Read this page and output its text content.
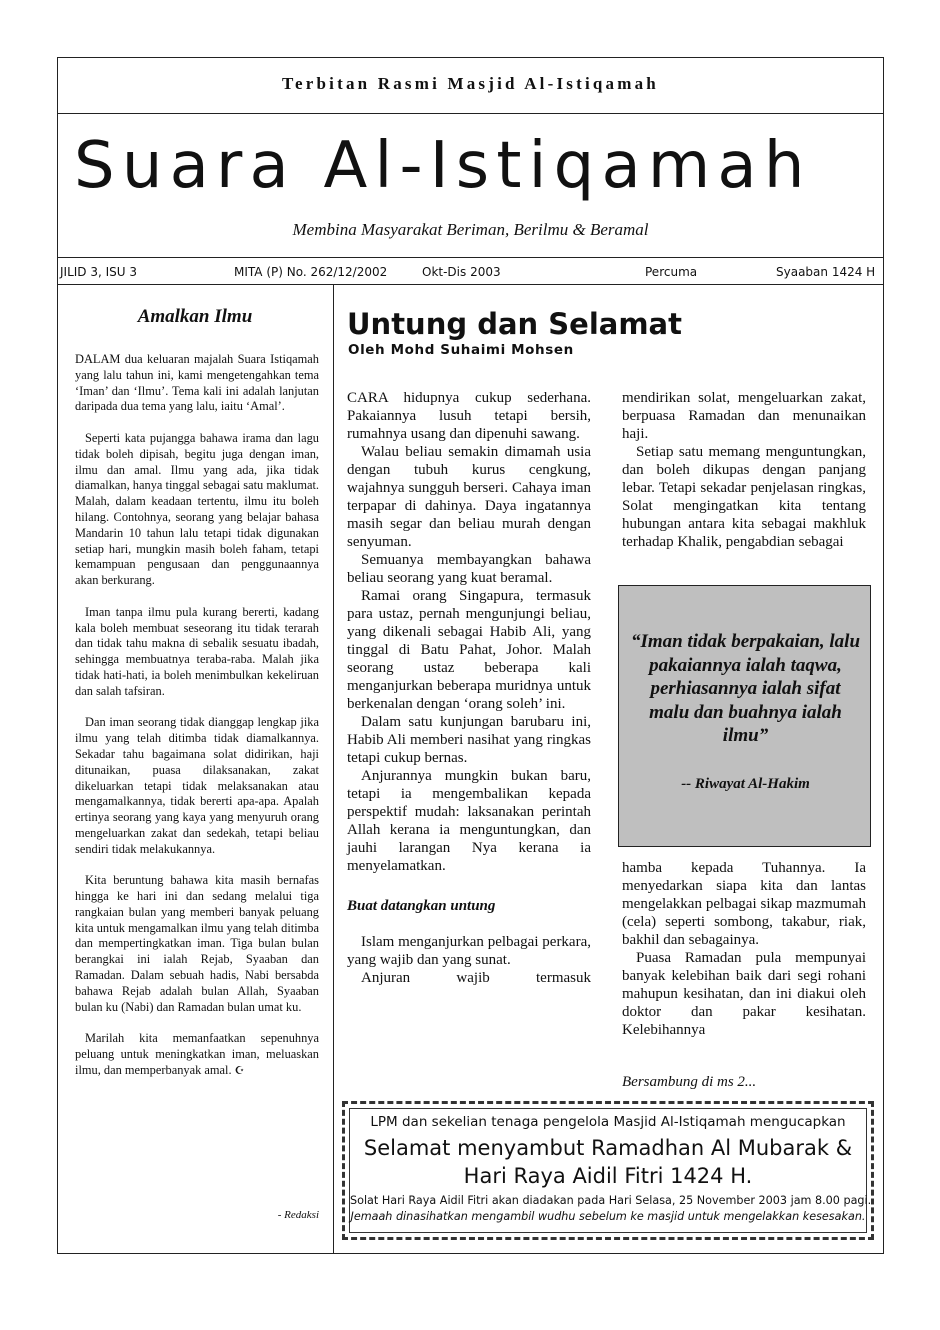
Terbitan Rasmi Masjid Al-Istiqamah
Suara Al-Istiqamah
Membina Masyarakat Beriman, Berilmu & Beramal
JILID 3, ISU 3	MITA (P) No. 262/12/2002	Okt-Dis 2003	Percuma	Syaaban 1424 H
Amalkan Ilmu

DALAM dua keluaran majalah Suara Istiqamah yang lalu tahun ini, kami mengetengahkan tema ‘Iman’ dan ‘Ilmu’. Tema kali ini adalah lanjutan daripada dua tema yang lalu, iaitu ‘Amal’.

Seperti kata pujangga bahawa irama dan lagu tidak boleh dipisah, begitu juga dengan iman, ilmu dan amal. Ilmu yang ada, jika tidak diamalkan, hanya tinggal sebagai satu maklumat. Malah, dalam keadaan tertentu, ilmu itu boleh hilang. Contohnya, seorang yang belajar bahasa Mandarin 10 tahun lalu tetapi tidak digunakan setiap hari, mungkin masih boleh faham, tetapi kemampuan pengusaan dan penggunaannya akan berkurang.

Iman tanpa ilmu pula kurang bererti, kadang kala boleh membuat seseorang itu tidak terarah dan tidak tahu makna di sebalik sesuatu ibadah, sehingga membuatnya teraba-raba. Malah jika tidak hati-hati, ia boleh menimbulkan kekeliruan dan salah tafsiran.

Dan iman seorang tidak dianggap lengkap jika ilmu yang telah ditimba tidak diamalkannya. Sekadar tahu bagaimana solat didirikan, haji ditunaikan, puasa dilaksanakan, zakat dikeluarkan tetapi tidak melaksanakan atau mengamalkannya, tidak bererti apa-apa. Apalah ertinya seorang yang kaya yang menyuruh orang mengeluarkan zakat dan sedekah, tetapi beliau sendiri tidak melakukannya.

Kita beruntung bahawa kita masih bernafas hingga ke hari ini dan sedang melalui tiga rangkaian bulan yang memberi banyak peluang kita untuk mengamalkan ilmu yang telah ditimba dan mempertingkatkan iman. Tiga bulan bulan berangkai ini ialah Rejab, Syaaban dan Ramadan. Dalam sebuah hadis, Nabi bersabda bahawa Rejab adalah bulan Allah, Syaaban bulan ku (Nabi) dan Ramadan bulan umat ku.

Marilah kita memanfaatkan sepenuhnya peluang untuk meningkatkan iman, meluaskan ilmu, dan memperbanyak amal. ☪

- Redaksi
Untung dan Selamat
Oleh Mohd Suhaimi Mohsen

CARA hidupnya cukup sederhana. Pakaiannya lusuh tetapi bersih, rumahnya usang dan dipenuhi sawang.

Walau beliau semakin dimamah usia dengan tubuh kurus cengkung, wajahnya sungguh berseri. Cahaya iman terpapar di dahinya. Daya ingatannya masih segar dan beliau murah dengan senyuman.

Semuanya membayangkan bahawa beliau seorang yang kuat beramal.

Ramai orang Singapura, termasuk para ustaz, pernah mengunjungi beliau, yang dikenali sebagai Habib Ali, yang tinggal di Batu Pahat, Johor. Malah seorang ustaz beberapa kali menganjurkan beberapa muridnya untuk berkenalan dengan ‘orang soleh’ ini.

Dalam satu kunjungan barubaru ini, Habib Ali memberi nasihat yang ringkas tetapi cukup bernas.

Anjurannya mungkin bukan baru, tetapi ia mengembalikan kepada perspektif mudah: laksanakan perintah Allah kerana ia menguntungkan, dan jauhi larangan Nya kerana ia menyelamatkan.

Buat datangkan untung

Islam menganjurkan pelbagai perkara, yang wajib dan yang sunat.

Anjuran wajib termasuk

mendirikan solat, mengeluarkan zakat, berpuasa Ramadan dan menunaikan haji.

Setiap satu memang menguntungkan, dan boleh dikupas dengan panjang lebar. Tetapi sekadar penjelasan ringkas, Solat mengingatkan kita tentang hubungan antara kita sebagai makhluk terhadap Khalik, pengabdian sebagai

“Iman tidak berpakaian, lalu pakaiannya ialah taqwa, perhiasannya ialah sifat malu dan buahnya ialah ilmu”
-- Riwayat Al-Hakim

hamba kepada Tuhannya. Ia menyedarkan siapa kita dan lantas mengelakkan pelbagai sikap mazmumah (cela) seperti sombong, takabur, riak, bakhil dan sebagainya.

Puasa Ramadan pula mempunyai banyak kelebihan baik dari segi rohani mahupun kesihatan, dan ini diakui oleh doktor dan pakar kesihatan. Kelebihannya

Bersambung di ms 2...
LPM dan sekelian tenaga pengelola Masjid Al-Istiqamah mengucapkan
Selamat menyambut Ramadhan Al Mubarak &
Hari Raya Aidil Fitri 1424 H.
Solat Hari Raya Aidil Fitri akan diadakan pada Hari Selasa, 25 November 2003 jam 8.00 pagi.
Jemaah dinasihatkan mengambil wudhu sebelum ke masjid untuk mengelakkan kesesakan.
